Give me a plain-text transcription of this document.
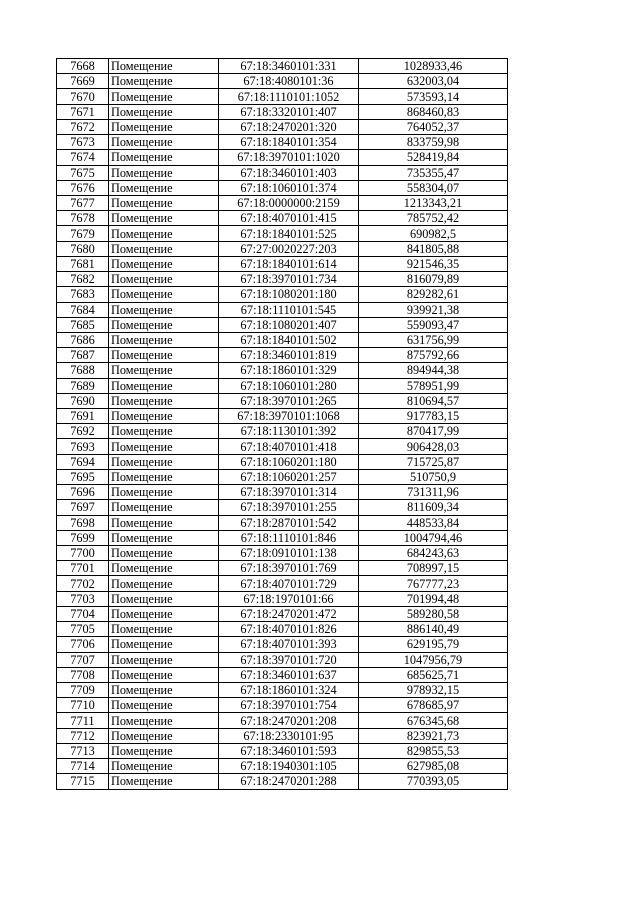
7668	Помещение	67:18:3460101:331	1028933,46
7669	Помещение	67:18:4080101:36	632003,04
7670	Помещение	67:18:1110101:1052	573593,14
7671	Помещение	67:18:3320101:407	868460,83
7672	Помещение	67:18:2470201:320	764052,37
7673	Помещение	67:18:1840101:354	833759,98
7674	Помещение	67:18:3970101:1020	528419,84
7675	Помещение	67:18:3460101:403	735355,47
7676	Помещение	67:18:1060101:374	558304,07
7677	Помещение	67:18:0000000:2159	1213343,21
7678	Помещение	67:18:4070101:415	785752,42
7679	Помещение	67:18:1840101:525	690982,5
7680	Помещение	67:27:0020227:203	841805,88
7681	Помещение	67:18:1840101:614	921546,35
7682	Помещение	67:18:3970101:734	816079,89
7683	Помещение	67:18:1080201:180	829282,61
7684	Помещение	67:18:1110101:545	939921,38
7685	Помещение	67:18:1080201:407	559093,47
7686	Помещение	67:18:1840101:502	631756,99
7687	Помещение	67:18:3460101:819	875792,66
7688	Помещение	67:18:1860101:329	894944,38
7689	Помещение	67:18:1060101:280	578951,99
7690	Помещение	67:18:3970101:265	810694,57
7691	Помещение	67:18:3970101:1068	917783,15
7692	Помещение	67:18:1130101:392	870417,99
7693	Помещение	67:18:4070101:418	906428,03
7694	Помещение	67:18:1060201:180	715725,87
7695	Помещение	67:18:1060201:257	510750,9
7696	Помещение	67:18:3970101:314	731311,96
7697	Помещение	67:18:3970101:255	811609,34
7698	Помещение	67:18:2870101:542	448533,84
7699	Помещение	67:18:1110101:846	1004794,46
7700	Помещение	67:18:0910101:138	684243,63
7701	Помещение	67:18:3970101:769	708997,15
7702	Помещение	67:18:4070101:729	767777,23
7703	Помещение	67:18:1970101:66	701994,48
7704	Помещение	67:18:2470201:472	589280,58
7705	Помещение	67:18:4070101:826	886140,49
7706	Помещение	67:18:4070101:393	629195,79
7707	Помещение	67:18:3970101:720	1047956,79
7708	Помещение	67:18:3460101:637	685625,71
7709	Помещение	67:18:1860101:324	978932,15
7710	Помещение	67:18:3970101:754	678685,97
7711	Помещение	67:18:2470201:208	676345,68
7712	Помещение	67:18:2330101:95	823921,73
7713	Помещение	67:18:3460101:593	829855,53
7714	Помещение	67:18:1940301:105	627985,08
7715	Помещение	67:18:2470201:288	770393,05
